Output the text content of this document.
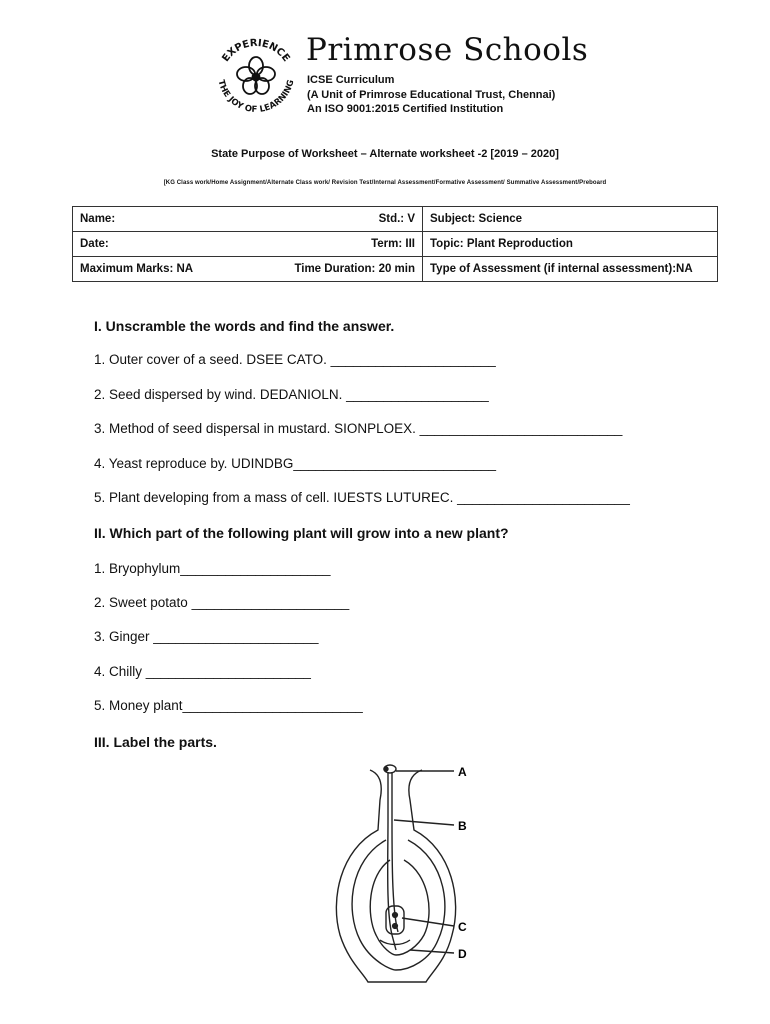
EXPERIENCE
THE JOY OF LEARNING
Primrose Schools
ICSE Curriculum
(A Unit of Primrose Educational Trust, Chennai)
An ISO 9001:2015 Certified Institution
State Purpose of Worksheet – Alternate worksheet -2 [2019 – 2020]
[KG Class work/Home Assignment/Alternate Class work/ Revision Test/Internal Assessment/Formative Assessment/ Summative Assessment/Preboard
Name: Std.: V	Subject: Science

Date: Term: III	Topic: Plant Reproduction

Maximum Marks: NA Time Duration: 20 min	Type of Assessment (if internal assessment):NA
I. Unscramble the words and find the answer.
1. Outer cover of a seed. DSEE CATO. ______________________
2. Seed dispersed by wind. DEDANIOLN. ___________________
3. Method of seed dispersal in mustard. SIONPLOEX. ___________________________
4. Yeast reproduce by. UDINDBG___________________________
5. Plant developing from a mass of cell. IUESTS LUTUREC. _______________________
II. Which part of the following plant will grow into a new plant?
1. Bryophylum____________________
2. Sweet potato _____________________
3. Ginger ______________________
4. Chilly ______________________
5. Money plant________________________
III. Label the parts.
A
B
C
D
